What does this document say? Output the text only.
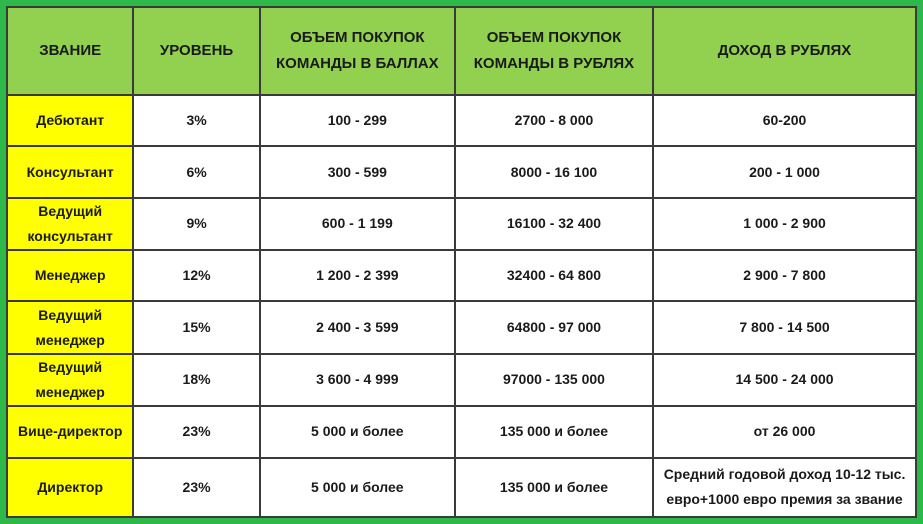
ЗВАНИЕ	УРОВЕНЬ	ОБЪЕМ ПОКУПОК КОМАНДЫ В БАЛЛАХ	ОБЪЕМ ПОКУПОК КОМАНДЫ В РУБЛЯХ	ДОХОД В РУБЛЯХ
Дебютант	3%	100 - 299	2700 - 8 000	60-200
Консультант	6%	300 - 599	8000 - 16 100	200 - 1 000
Ведущий консультант	9%	600 - 1 199	16100 - 32 400	1 000 - 2 900
Менеджер	12%	1 200 - 2 399	32400 - 64 800	2 900 - 7 800
Ведущий менеджер	15%	2 400 - 3 599	64800 - 97 000	7 800 - 14 500
Ведущий менеджер	18%	3 600 - 4 999	97000 - 135 000	14 500 - 24 000
Вице-директор	23%	5 000 и более	135 000 и более	от 26 000
Директор	23%	5 000 и более	135 000 и более	Средний годовой доход 10-12 тыс. евро+1000 евро премия за звание
